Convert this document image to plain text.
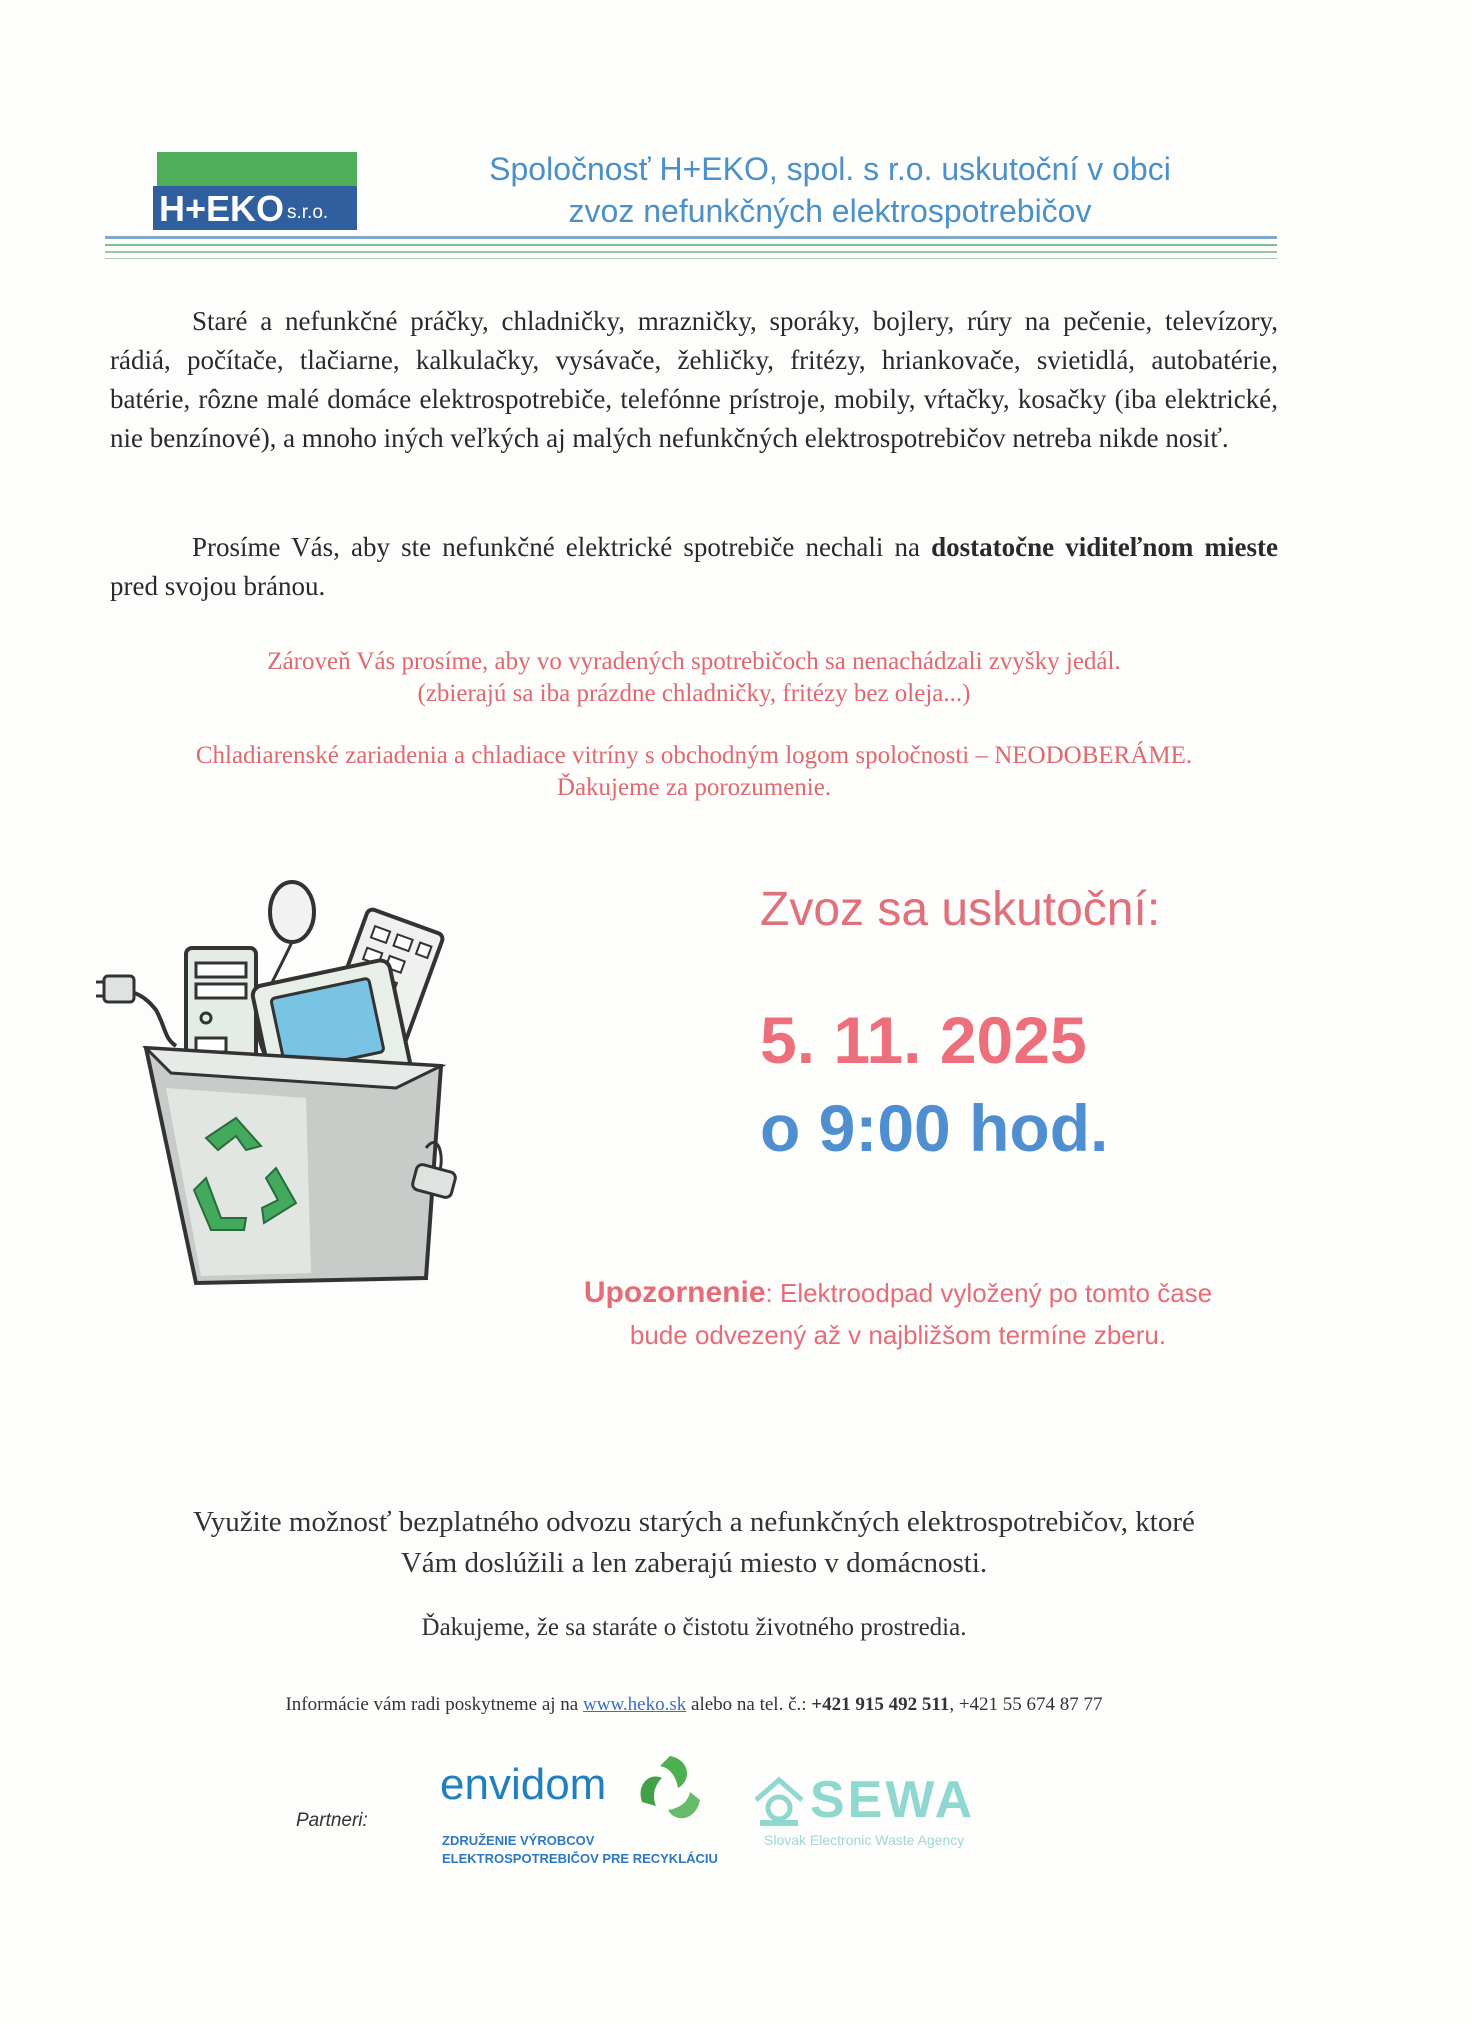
H+EKO s.r.o.
Spoločnosť H+EKO, spol. s r.o. uskutoční v obci
zvoz nefunkčných elektrospotrebičov
Staré a nefunkčné práčky, chladničky, mrazničky, sporáky, bojlery, rúry na pečenie, televízory, rádiá, počítače, tlačiarne, kalkulačky, vysávače, žehličky, fritézy, hriankovače, svietidlá, autobatérie, batérie, rôzne malé domáce elektrospotrebiče, telefónne prístroje, mobily, vŕtačky, kosačky (iba elektrické, nie benzínové), a mnoho iných veľkých aj malých nefunkčných elektrospotrebičov netreba nikde nosiť.
Prosíme Vás, aby ste nefunkčné elektrické spotrebiče nechali na dostatočne viditeľnom mieste pred svojou bránou.
Zároveň Vás prosíme, aby vo vyradených spotrebičoch sa nenachádzali zvyšky jedál.
(zbierajú sa iba prázdne chladničky, fritézy bez oleja...)
Chladiarenské zariadenia a chladiace vitríny s obchodným logom spoločnosti – NEODOBERÁME.
Ďakujeme za porozumenie.
Zvoz sa uskutoční:
5. 11. 2025
o 9:00 hod.
Upozornenie: Elektroodpad vyložený po tomto čase
bude odvezený až v najbližšom termíne zberu.
Využite možnosť bezplatného odvozu starých a nefunkčných elektrospotrebičov, ktoré
Vám doslúžili a len zaberajú miesto v domácnosti.
Ďakujeme, že sa staráte o čistotu životného prostredia.
Informácie vám radi poskytneme aj na www.heko.sk alebo na tel. č.: +421 915 492 511, +421 55 674 87 77
Partneri:
envidom
ZDRUŽENIE VÝROBCOV
ELEKTROSPOTREBIČOV PRE RECYKLÁCIU
SEWA
Slovak Electronic Waste Agency
